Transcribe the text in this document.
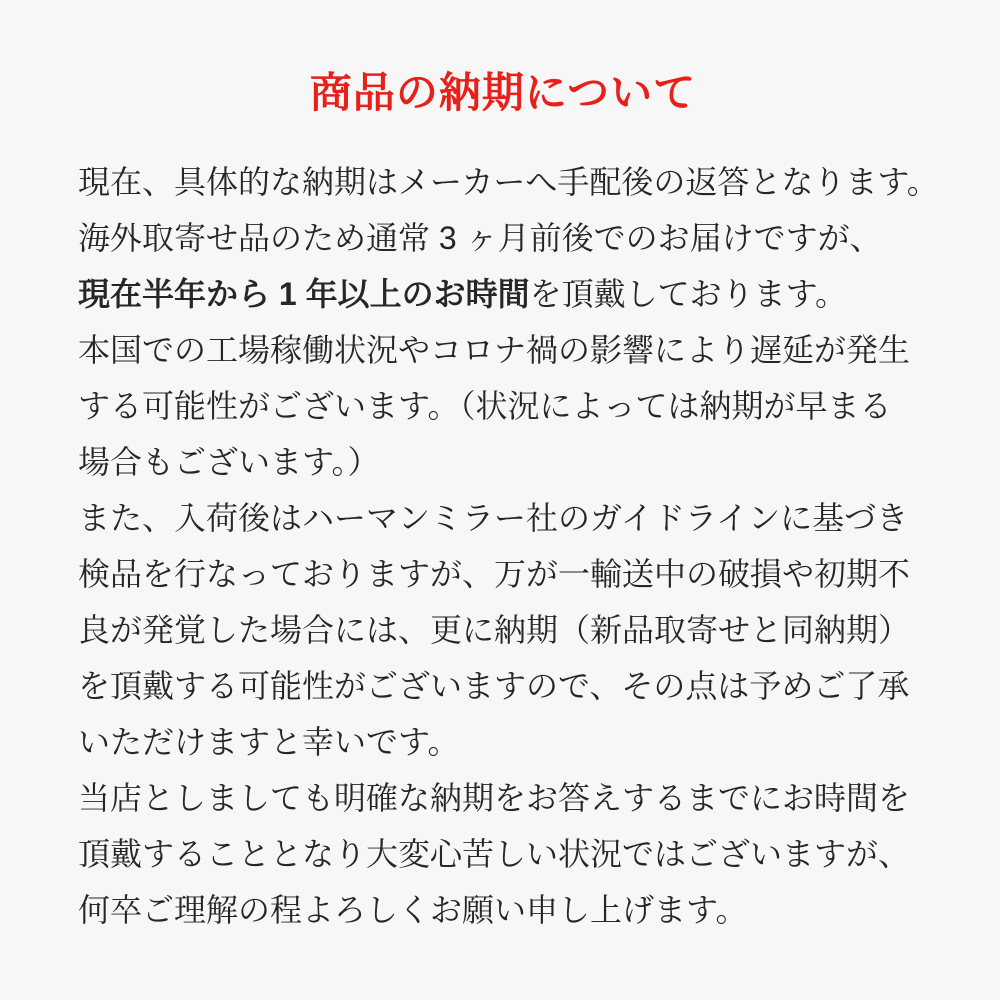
商品の納期について
現在、具体的な納期はメーカーへ手配後の返答となります。
海外取寄せ品のため通常 3 ヶ月前後でのお届けですが、
現在半年から 1 年以上のお時間を頂戴しております。
本国での工場稼働状況やコロナ禍の影響により遅延が発生
する可能性がございます。（状況によっては納期が早まる
場合もございます。）
また、入荷後はハーマンミラー社のガイドラインに基づき
検品を行なっておりますが、万が一輸送中の破損や初期不
良が発覚した場合には、更に納期（新品取寄せと同納期）
を頂戴する可能性がございますので、その点は予めご了承
いただけますと幸いです。
当店としましても明確な納期をお答えするまでにお時間を
頂戴することとなり大変心苦しい状況ではございますが、
何卒ご理解の程よろしくお願い申し上げます。
